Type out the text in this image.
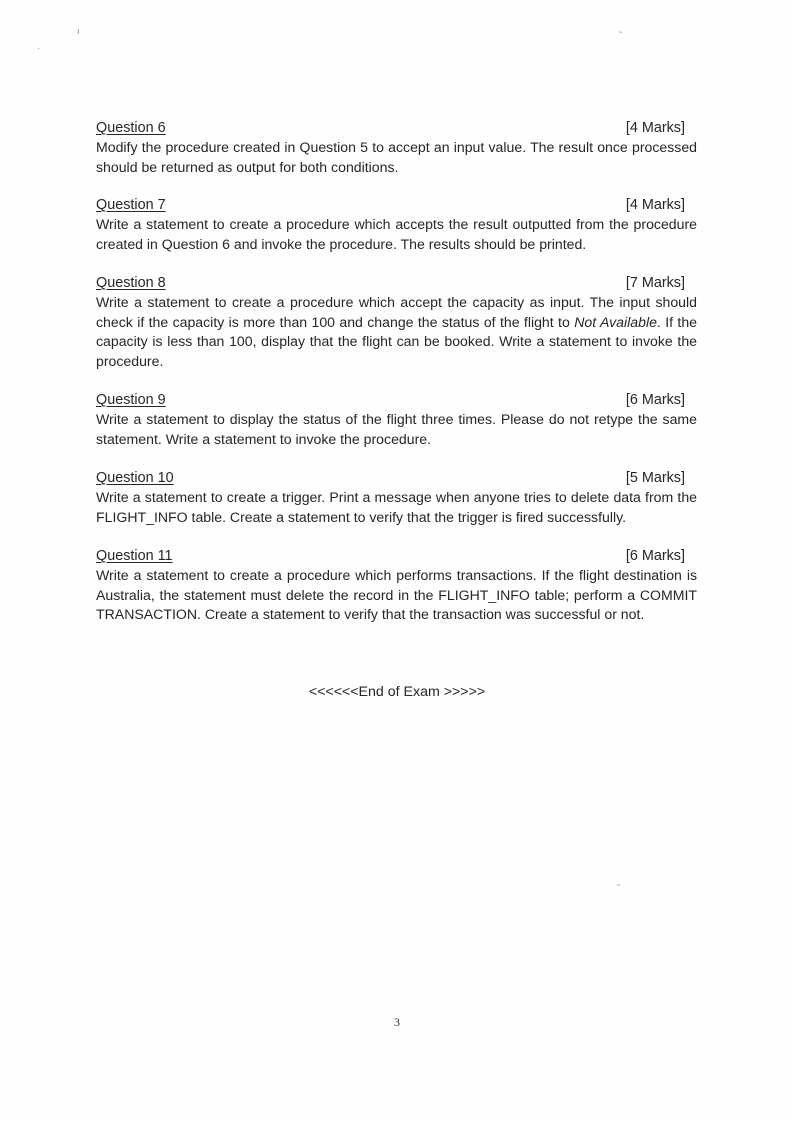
ı
·
˜
˜
Question 6	[4 Marks]

Modify the procedure created in Question 5 to accept an input value. The result once processed should be returned as output for both conditions.

Question 7	[4 Marks]

Write a statement to create a procedure which accepts the result outputted from the procedure created in Question 6 and invoke the procedure. The results should be printed.

Question 8	[7 Marks]

Write a statement to create a procedure which accept the capacity as input. The input should check if the capacity is more than 100 and change the status of the flight to Not Available. If the capacity is less than 100, display that the flight can be booked. Write a statement to invoke the procedure.

Question 9	[6 Marks]

Write a statement to display the status of the flight three times. Please do not retype the same statement. Write a statement to invoke the procedure.

Question 10	[5 Marks]

Write a statement to create a trigger. Print a message when anyone tries to delete data from the FLIGHT_INFO table. Create a statement to verify that the trigger is fired successfully.

Question 11	[6 Marks]

Write a statement to create a procedure which performs transactions. If the flight destination is Australia, the statement must delete the record in the FLIGHT_INFO table; perform a COMMIT TRANSACTION. Create a statement to verify that the transaction was successful or not.

<<<<<<End of Exam >>>>>
3
